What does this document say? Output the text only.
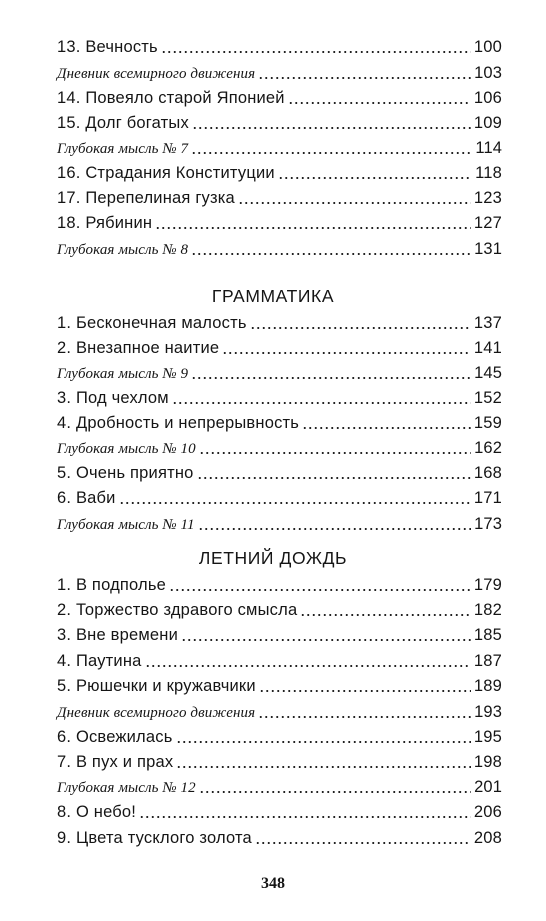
13. Вечность	100
Дневник всемирного движения	103
14. Повеяло старой Японией	106
15. Долг богатых	109
Глубокая мысль № 7	114
16. Страдания Конституции	118
17. Перепелиная гузка	123
18. Рябинин	127
Глубокая мысль № 8	131
ГРАММАТИКА
1. Бесконечная малость	137
2. Внезапное наитие	141
Глубокая мысль № 9	145
3. Под чехлом	152
4. Дробность и непрерывность	159
Глубокая мысль № 10	162
5. Очень приятно	168
6. Ваби	171
Глубокая мысль № 11	173
ЛЕТНИЙ ДОЖДЬ
1. В подполье	179
2. Торжество здравого смысла	182
3. Вне времени	185
4. Паутина	187
5. Рюшечки и кружавчики	189
Дневник всемирного движения	193
6. Освежилась	195
7. В пух и прах	198
Глубокая мысль № 12	201
8. О небо!	206
9. Цвета тусклого золота	208
348
